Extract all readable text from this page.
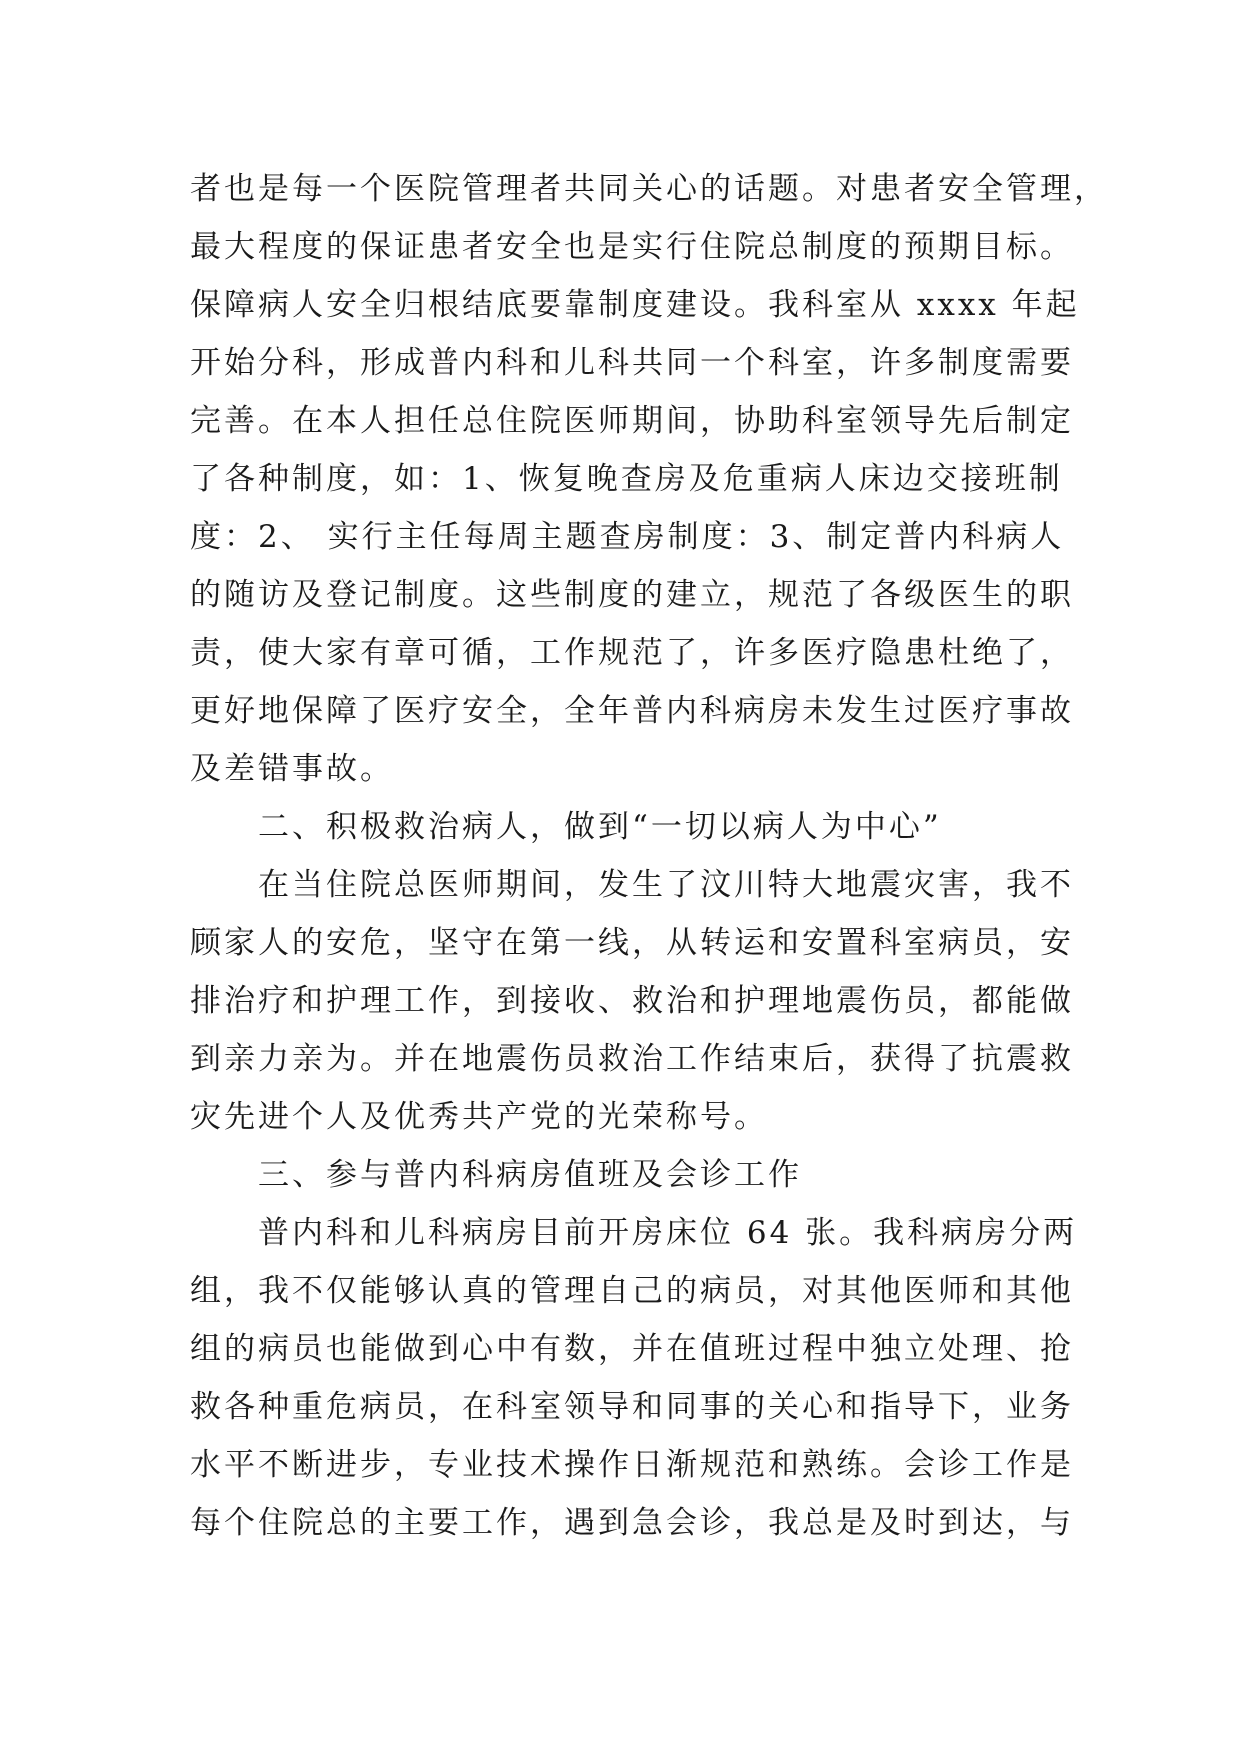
者也是每一个医院管理者共同关心的话题。对患者安全管理，
最大程度的保证患者安全也是实行住院总制度的预期目标。
保障病人安全归根结底要靠制度建设。我科室从 xxxx 年起
开始分科，形成普内科和儿科共同一个科室，许多制度需要
完善。在本人担任总住院医师期间，协助科室领导先后制定
了各种制度，如：1、恢复晚查房及危重病人床边交接班制
度：2、 实行主任每周主题查房制度：3、制定普内科病人
的随访及登记制度。这些制度的建立，规范了各级医生的职
责，使大家有章可循，工作规范了，许多医疗隐患杜绝了，
更好地保障了医疗安全，全年普内科病房未发生过医疗事故
及差错事故。
二、积极救治病人，做到“一切以病人为中心”
在当住院总医师期间，发生了汶川特大地震灾害，我不
顾家人的安危，坚守在第一线，从转运和安置科室病员，安
排治疗和护理工作，到接收、救治和护理地震伤员，都能做
到亲力亲为。并在地震伤员救治工作结束后，获得了抗震救
灾先进个人及优秀共产党的光荣称号。
三、参与普内科病房值班及会诊工作
普内科和儿科病房目前开房床位 64 张。我科病房分两
组，我不仅能够认真的管理自己的病员，对其他医师和其他
组的病员也能做到心中有数，并在值班过程中独立处理、抢
救各种重危病员，在科室领导和同事的关心和指导下，业务
水平不断进步，专业技术操作日渐规范和熟练。会诊工作是
每个住院总的主要工作，遇到急会诊，我总是及时到达，与
